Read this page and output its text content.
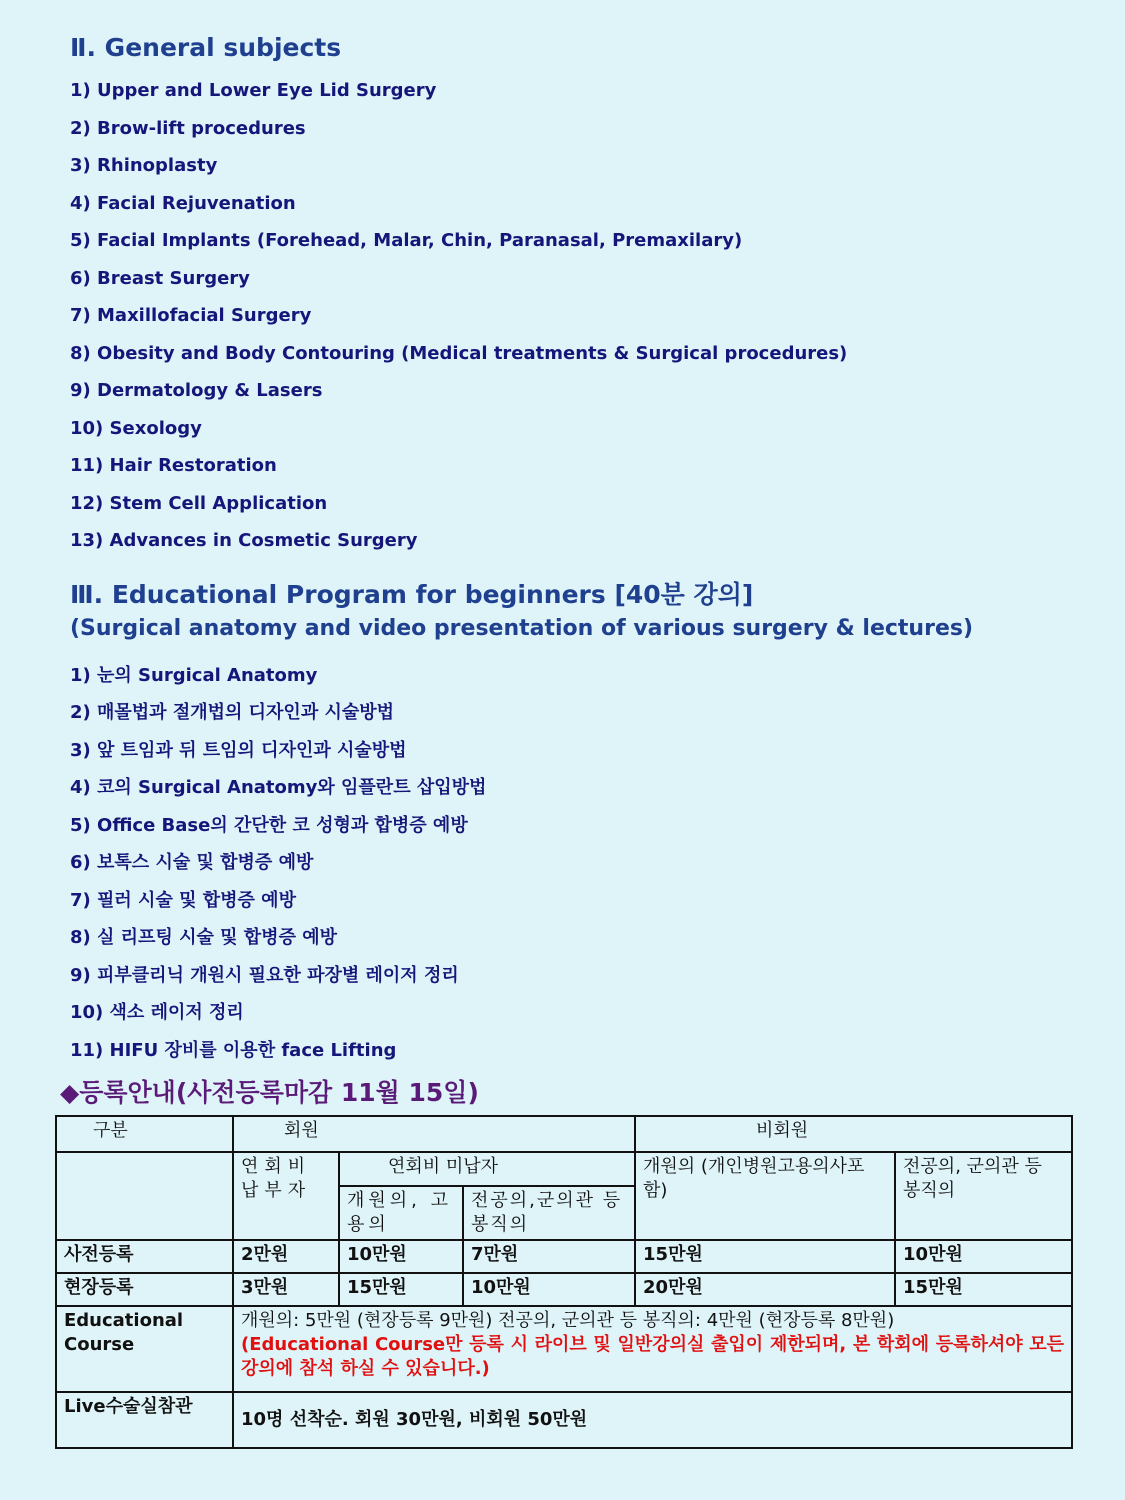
Ⅱ. General subjects
1) Upper and Lower Eye Lid Surgery
2) Brow-lift procedures
3) Rhinoplasty
4) Facial Rejuvenation
5) Facial Implants (Forehead, Malar, Chin, Paranasal, Premaxilary)
6) Breast Surgery
7) Maxillofacial Surgery
8) Obesity and Body Contouring (Medical treatments & Surgical procedures)
9) Dermatology & Lasers
10) Sexology
11) Hair Restoration
12) Stem Cell Application
13) Advances in Cosmetic Surgery
Ⅲ. Educational Program for beginners [40분 강의]
(Surgical anatomy and video presentation of various surgery & lectures)
1) 눈의 Surgical Anatomy
2) 매몰법과 절개법의 디자인과 시술방법
3) 앞 트임과 뒤 트임의 디자인과 시술방법
4) 코의 Surgical Anatomy와 임플란트 삽입방법
5) Office Base의 간단한 코 성형과 합병증 예방
6) 보톡스 시술 및 합병증 예방
7) 필러 시술 및 합병증 예방
8) 실 리프팅 시술 및 합병증 예방
9) 피부클리닉 개원시 필요한 파장별 레이저 정리
10) 색소 레이저 정리
11) HIFU 장비를 이용한 face Lifting
◆등록안내(사전등록마감 11월 15일)
구분	회원			비회원	
	연회비 납부자	연회비 미납자		개원의 (개인병원고용의사포함)	전공의, 군의관 등 봉직의
		개원의, 고용의	전공의,군의관 등 봉직의		
사전등록	2만원	10만원	7만원	15만원	10만원
현장등록	3만원	15만원	10만원	20만원	15만원
Educational Course	개원의: 5만원 (현장등록 9만원) 전공의, 군의관 등 봉직의: 4만원 (현장등록 8만원)
(Educational Course만 등록 시 라이브 및 일반강의실 출입이 제한되며, 본 학회에 등록하셔야 모든 강의에 참석 하실 수 있습니다.)				

Live수술실참관	10명 선착순. 회원 30만원, 비회원 50만원				
